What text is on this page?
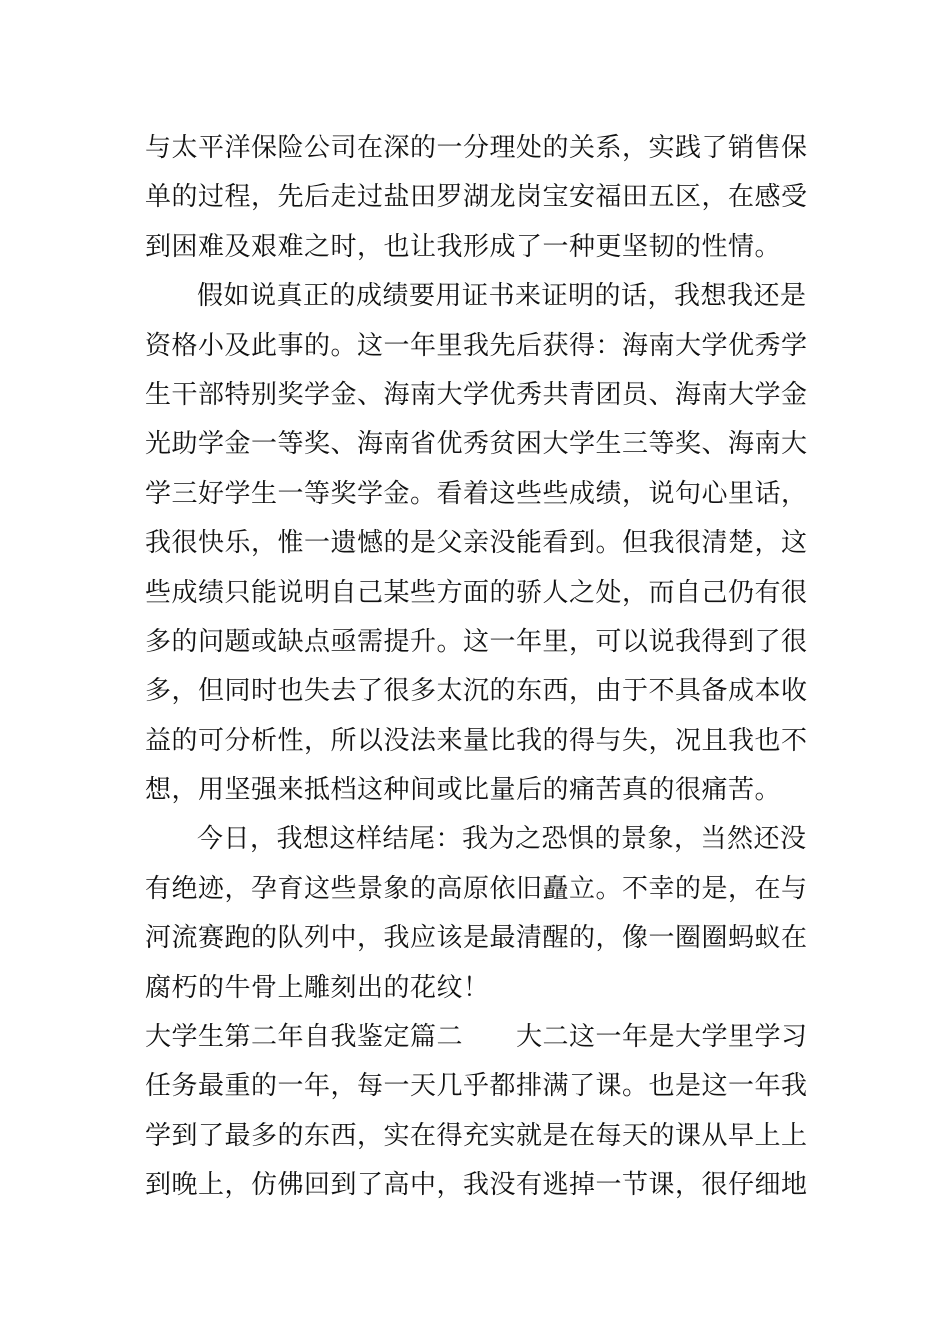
与太平洋保险公司在深的一分理处的关系，实践了销售保
单的过程，先后走过盐田罗湖龙岗宝安福田五区，在感受
到困难及艰难之时，也让我形成了一种更坚韧的性情。
假如说真正的成绩要用证书来证明的话，我想我还是
资格小及此事的。这一年里我先后获得：海南大学优秀学
生干部特别奖学金、海南大学优秀共青团员、海南大学金
光助学金一等奖、海南省优秀贫困大学生三等奖、海南大
学三好学生一等奖学金。看着这些些成绩，说句心里话，
我很快乐，惟一遗憾的是父亲没能看到。但我很清楚，这
些成绩只能说明自己某些方面的骄人之处，而自己仍有很
多的问题或缺点亟需提升。这一年里，可以说我得到了很
多，但同时也失去了很多太沉的东西，由于不具备成本收
益的可分析性，所以没法来量比我的得与失，况且我也不
想，用坚强来抵档这种间或比量后的痛苦真的很痛苦。
今日，我想这样结尾：我为之恐惧的景象，当然还没
有绝迹，孕育这些景象的高原依旧矗立。不幸的是，在与
河流赛跑的队列中，我应该是最清醒的，像一圈圈蚂蚁在
腐朽的牛骨上雕刻出的花纹！
大学生第二年自我鉴定篇二　　大二这一年是大学里学习
任务最重的一年，每一天几乎都排满了课。也是这一年我
学到了最多的东西，实在得充实就是在每天的课从早上上
到晚上，仿佛回到了高中，我没有逃掉一节课，很仔细地
